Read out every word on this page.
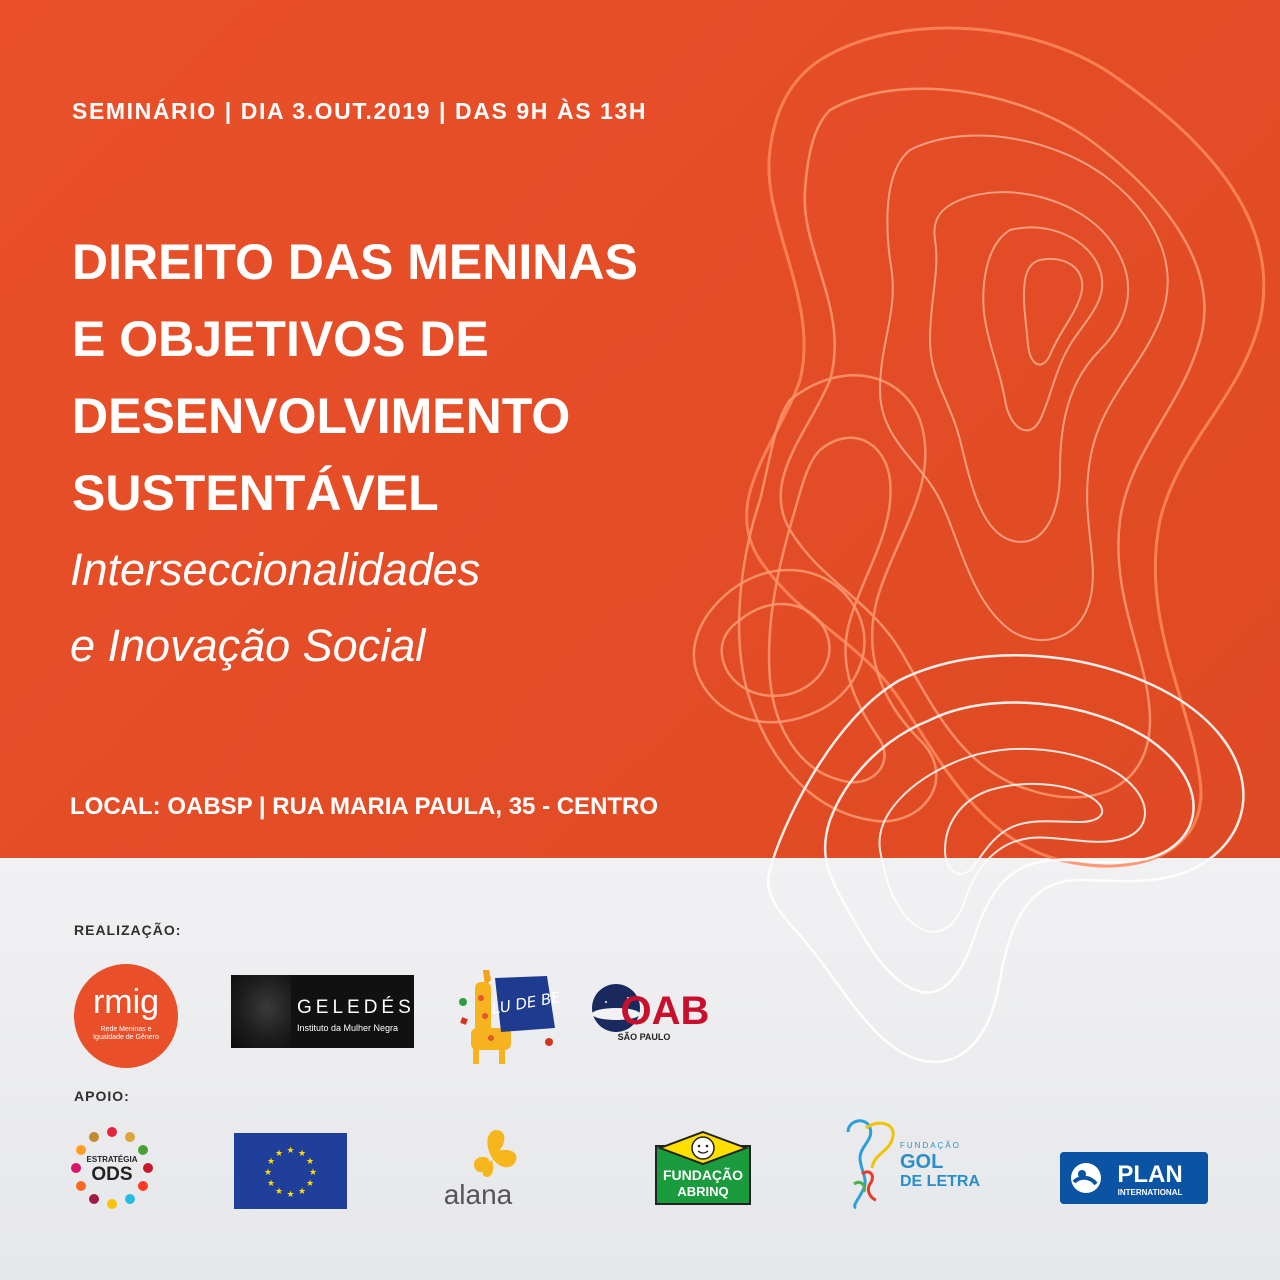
SEMINÁRIO | DIA 3.OUT.2019 | DAS 9H ÀS 13H
DIREITO DAS MENINAS
E OBJETIVOS DE
DESENVOLVIMENTO
SUSTENTÁVEL
Interseccionalidades
e Inovação Social
LOCAL: OABSP | RUA MARIA PAULA, 35 - CENTRO
REALIZAÇÃO:
APOIO:
rmig
Rede Meninas e
Igualdade de Gênero
GELEDÉS
Instituto da Mulher Negra
LU DE BE OAB
SÃO PAULO
ESTRATÉGIA
ODS
★ ★
★
★
★
★
★
★
★
★
★
★
alana
FUNDAÇÃO
ABRINQ
FUNDAÇÃO
GOL
DE LETRA	PLAN
INTERNATIONAL
